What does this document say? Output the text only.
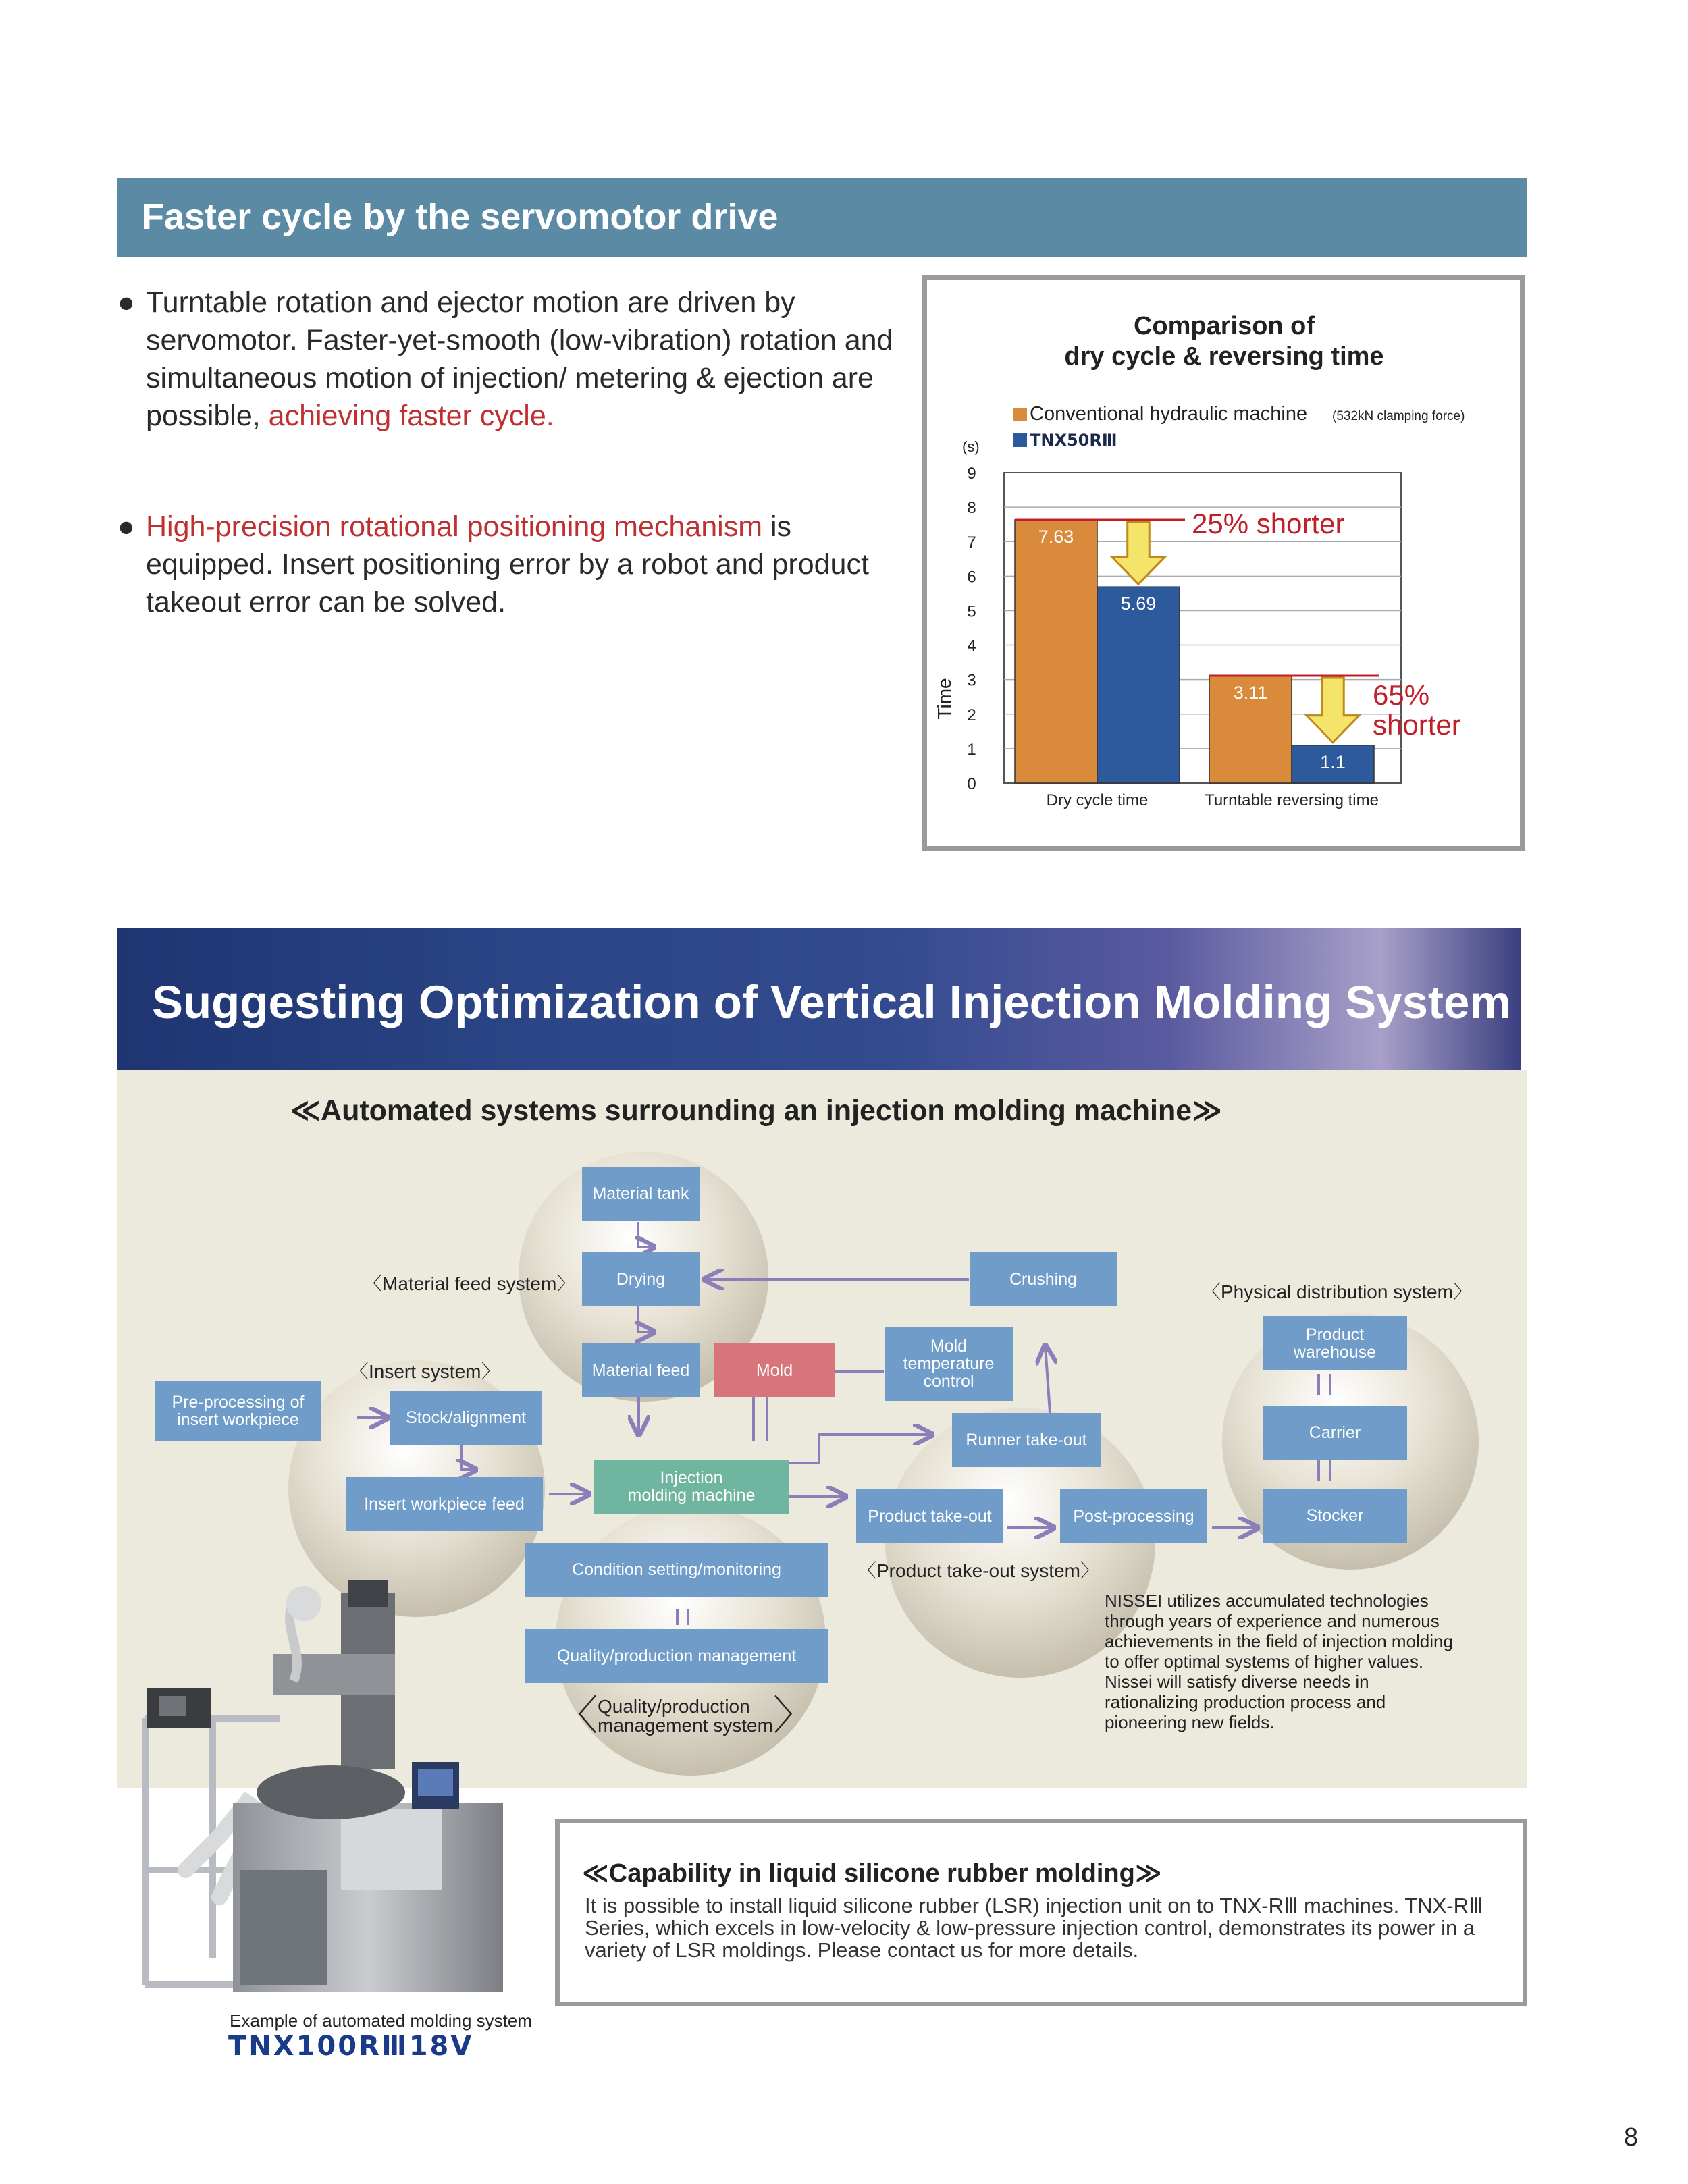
Faster cycle by the servomotor drive
● Turntable rotation and ejector motion are driven by servomotor. Faster-yet-smooth (low-vibration) rotation and simultaneous motion of injection/ metering & ejection are possible, achieving faster cycle.
● High-precision rotational positioning mechanism is equipped. Insert positioning error by a robot and product takeout error can be solved.
Comparison of
dry cycle & reversing time
Conventional hydraulic machine (532kN clamping force)
TNX50RⅢ
(s)
Time
0
1
2
3
4
5
6
7
8
9
7.63
5.69
3.11
1.1
Dry cycle time	Turntable reversing time
25% shorter
65%
shorter
Suggesting Optimization of Vertical Injection Molding System
≪Automated systems surrounding an injection molding machine≫
Material tank
Drying	Crushing
Material feed	Mold
Mold
temperature
control
Pre-processing of
insert workpiece	Stock/alignment
Runner take-out
Insert workpiece feed
Injection
molding machine
Product take-out	Post-processing
Condition setting/monitoring
Quality/production management
Product
warehouse
Carrier
Stocker
〈Material feed system〉
〈Insert system〉
〈Physical distribution system〉
〈Product take-out system〉
〈 Quality/production
management system 〉
NISSEI utilizes accumulated technologies through years of experience and numerous achievements in the field of injection molding to offer optimal systems of higher values. Nissei will satisfy diverse needs in rationalizing production process and pioneering new fields.
Example of automated molding system
TNX100RⅢ18V
≪Capability in liquid silicone rubber molding≫
It is possible to install liquid silicone rubber (LSR) injection unit on to TNX-RⅢ machines. TNX-RⅢ Series, which excels in low-velocity & low-pressure injection control, demonstrates its power in a variety of LSR moldings. Please contact us for more details.
8
